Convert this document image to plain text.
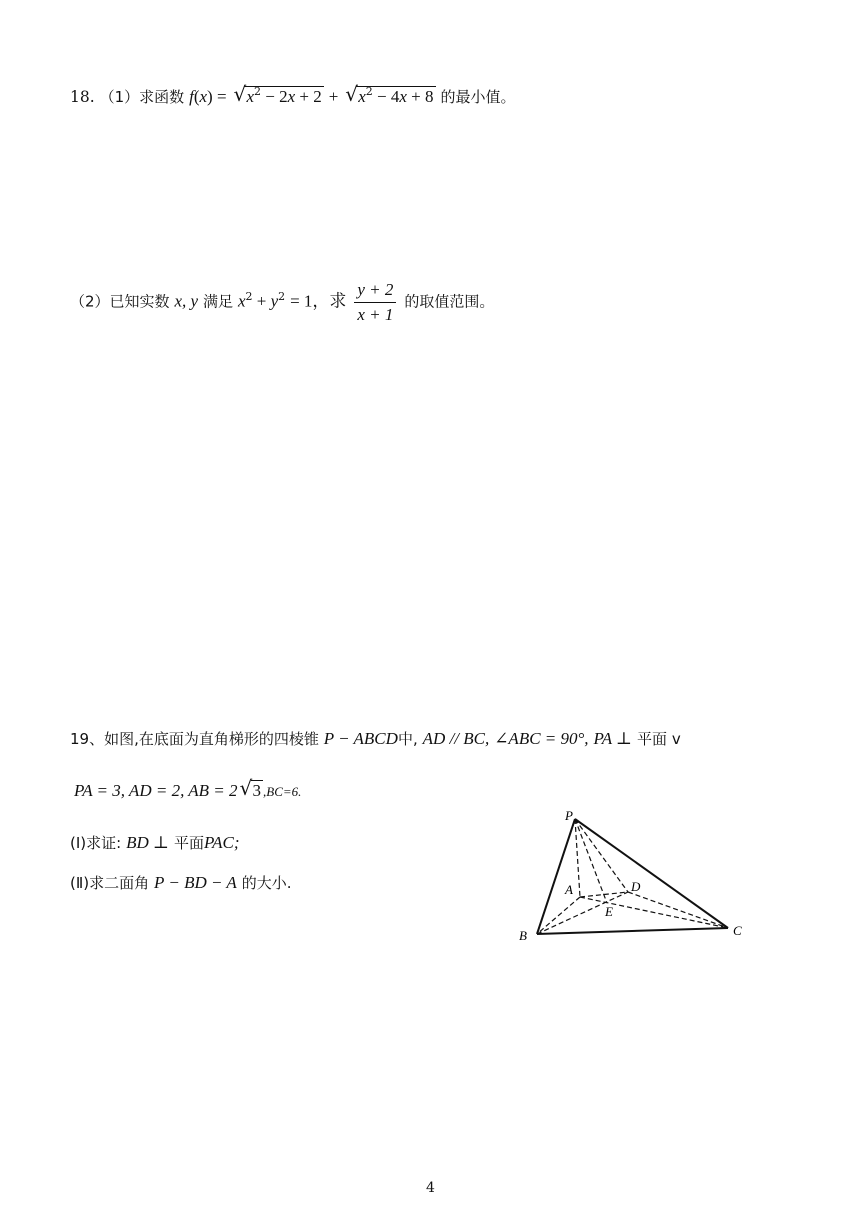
18. （1）求函数 f(x) = √ $x^2 - 2x + 2$ + √ $x^2 - 4x + 8$ 的最小值。
（2）已知实数 x, y 满足 $x^2 + y^2 = 1$，求 $\frac{y + 2}{x + 1}$ 的取值范围。
19、如图,在底面为直角梯形的四棱锥 P − ABCD中, AD // BC, ∠ABC = 90°, PA ⊥ 平面 v
PA = 3, AD = 2, AB = 2 √ 3 ,BC=6.
(Ⅰ)求证: BD ⊥ 平面PAC;
(Ⅱ)求二面角 P − BD − A 的大小.
P
A	D
E
B	C
4
